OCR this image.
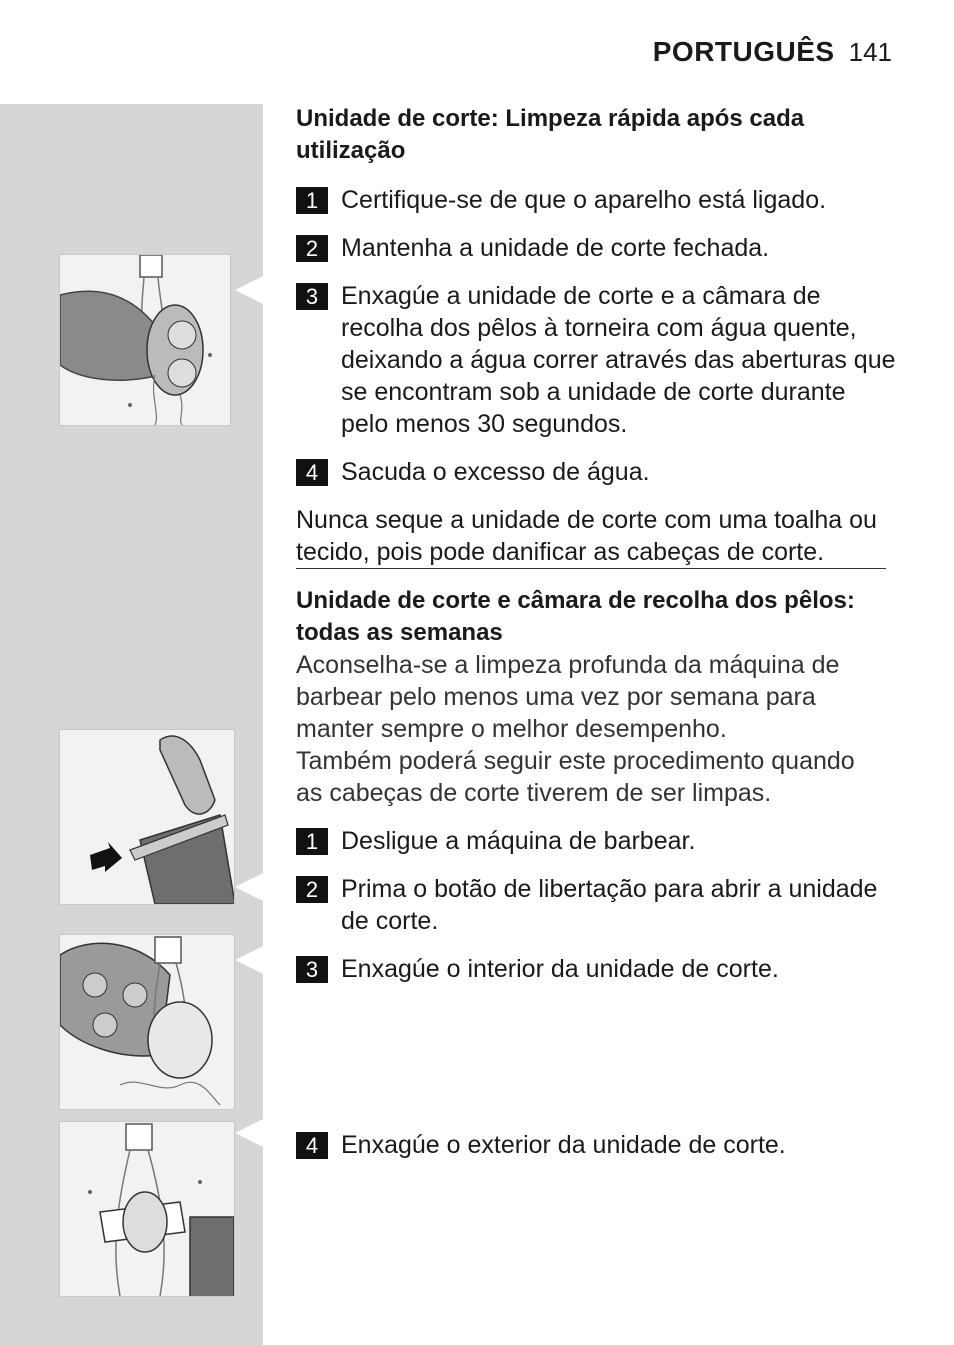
PORTUGUÊS 141
Unidade de corte: Limpeza rápida após cada utilização
1 Certifique-se de que o aparelho está ligado.
2 Mantenha a unidade de corte fechada.
3 Enxagúe a unidade de corte e a câmara de recolha dos pêlos à torneira com água quente, deixando a água correr através das aberturas que se encontram sob a unidade de corte durante pelo menos 30 segundos.
4 Sacuda o excesso de água.
Nunca seque a unidade de corte com uma toalha ou tecido, pois pode danificar as cabeças de corte.
Unidade de corte e câmara de recolha dos pêlos: todas as semanas

Aconselha-se a limpeza profunda da máquina de barbear pelo menos uma vez por semana para manter sempre o melhor desempenho.

Também poderá seguir este procedimento quando as cabeças de corte tiverem de ser limpas.

1 Desligue a máquina de barbear.
2 Prima o botão de libertação para abrir a unidade de corte.
3 Enxagúe o interior da unidade de corte.
4 Enxagúe o exterior da unidade de corte.
